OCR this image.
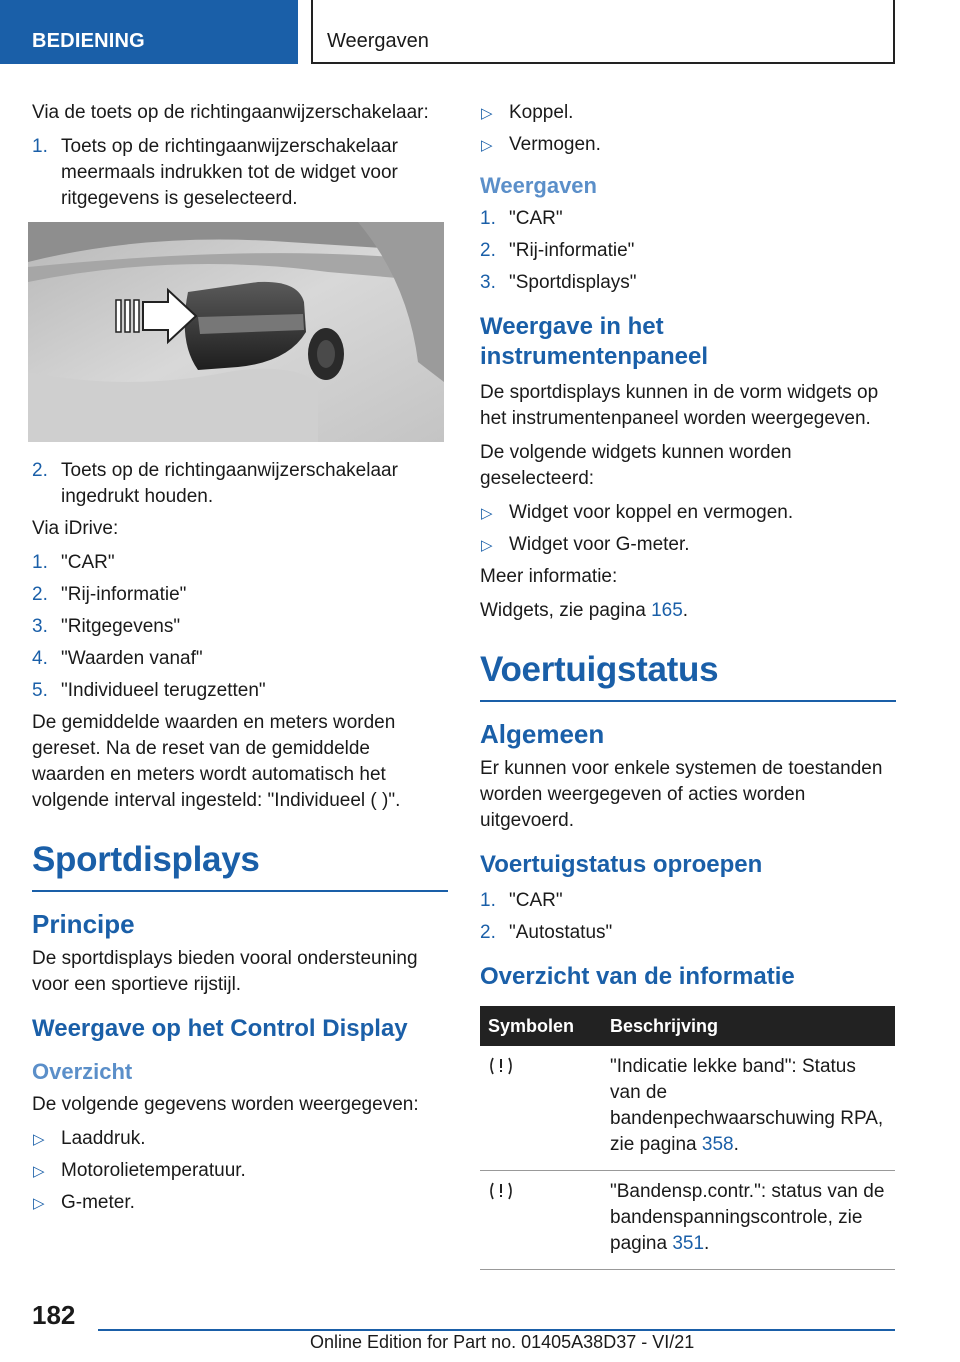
BEDIENING	Weergaven

Via de toets op de richtingaanwijzerschakelaar:

1. Toets op de richtingaanwijzerschakelaar meermaals indrukken tot de widget voor ritgegevens is geselecteerd.
2. Toets op de richtingaanwijzerschakelaar ingedrukt houden.

Via iDrive:

1. "CAR"
2. "Rij-informatie"
3. "Ritgegevens"
4. "Waarden vanaf"
5. "Individueel terugzetten"

De gemiddelde waarden en meters worden gereset. Na de reset van de gemiddelde waarden en meters wordt automatisch het volgende interval ingesteld: "Individueel ( )".

Sportdisplays
Principe

De sportdisplays bieden vooral ondersteuning voor een sportieve rijstijl.

Weergave op het Control Display
Overzicht

De volgende gegevens worden weergegeven:

▷ Laaddruk.
▷ Motorolietemperatuur.
▷ G-meter.
▷ Koppel.
▷ Vermogen.
Weergaven
1. "CAR"
2. "Rij-informatie"
3. "Sportdisplays"
Weergave in het instrumentenpaneel

De sportdisplays kunnen in de vorm widgets op het instrumentenpaneel worden weergegeven.

De volgende widgets kunnen worden geselecteerd:

▷ Widget voor koppel en vermogen.
▷ Widget voor G-meter.

Meer informatie:

Widgets, zie pagina 165.

Voertuigstatus
Algemeen

Er kunnen voor enkele systemen de toestanden worden weergegeven of acties worden uitgevoerd.

Voertuigstatus oproepen
1. "CAR"
2. "Autostatus"
Overzicht van de informatie
Symbolen	Beschrijving
	"Indicatie lekke band": Status van de bandenpechwaarschuwing RPA, zie pagina 358.
	"Bandensp.contr.": status van de bandenspanningscontrole, zie pagina 351.
182
Online Edition for Part no. 01405A38D37 - VI/21
